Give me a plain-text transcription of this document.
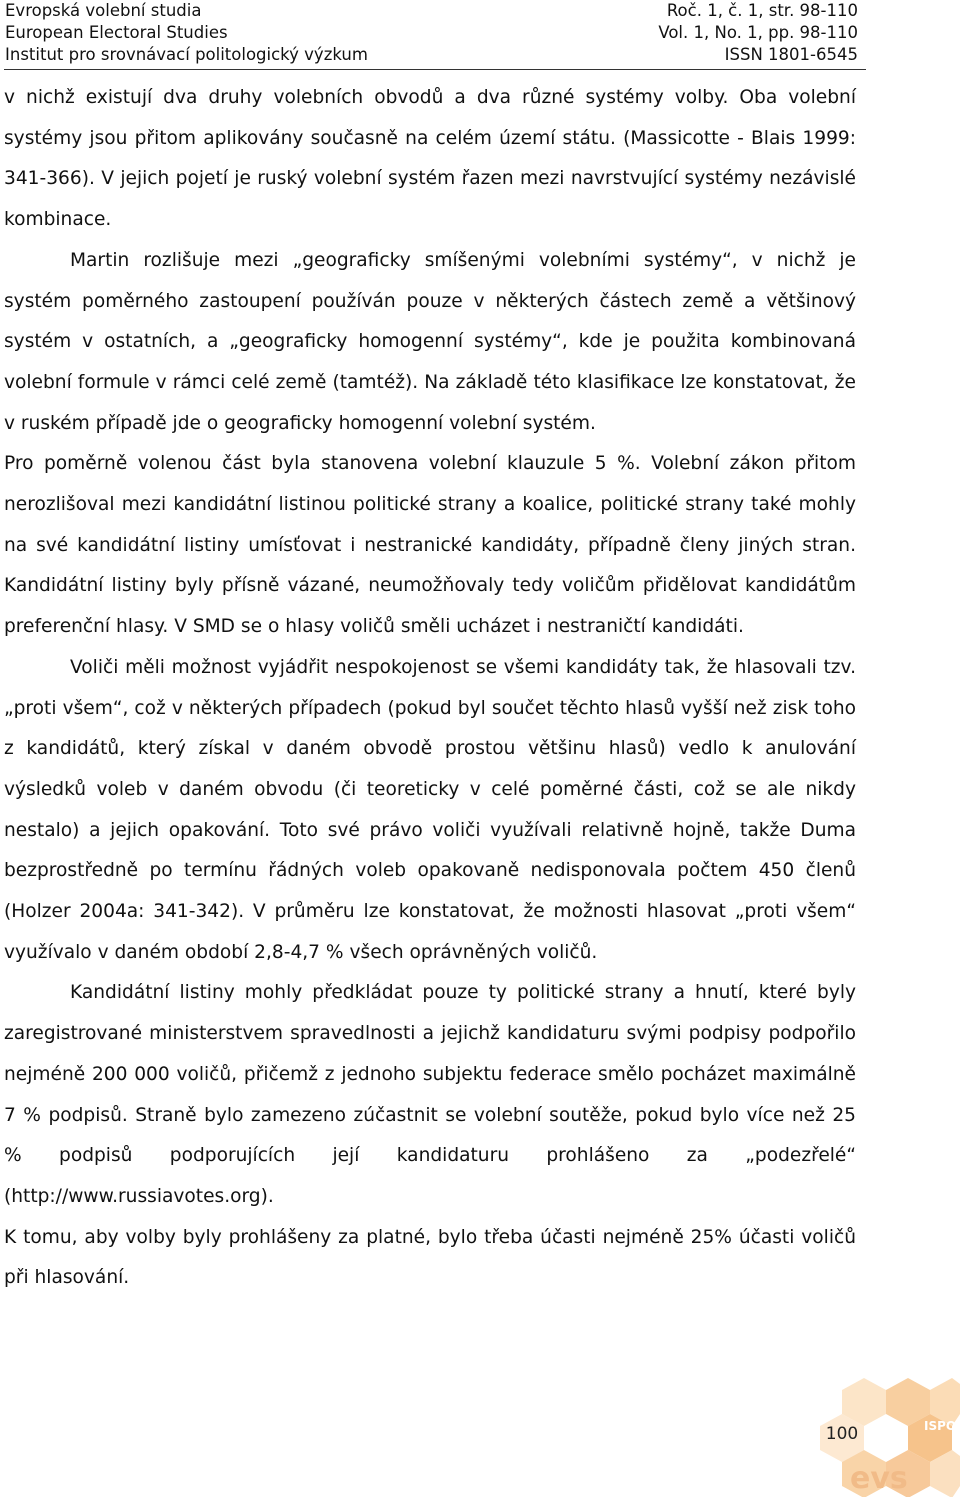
Evropská volební studia	Roč. 1, č. 1, str. 98-110
European Electoral Studies	Vol. 1, No. 1, pp. 98-110
Institut pro srovnávací politologický výzkum	ISSN 1801-6545

v nichž existují dva druhy volebních obvodů a dva různé systémy volby. Oba volební systémy jsou přitom aplikovány současně na celém území státu. (Massicotte - Blais 1999: 341-366). V jejich pojetí je ruský volební systém řazen mezi navrstvující systémy nezávislé kombinace.

Martin rozlišuje mezi „geograficky smíšenými volebními systémy“, v nichž je systém poměrného zastoupení používán pouze v některých částech země a většinový systém v ostatních, a „geograficky homogenní systémy“, kde je použita kombinovaná volební formule v rámci celé země (tamtéž). Na základě této klasifikace lze konstatovat, že v ruském případě jde o geograficky homogenní volební systém.

Pro poměrně volenou část byla stanovena volební klauzule 5 %. Volební zákon přitom nerozlišoval mezi kandidátní listinou politické strany a koalice, politické strany také mohly na své kandidátní listiny umísťovat i nestranické kandidáty, případně členy jiných stran. Kandidátní listiny byly přísně vázané, neumožňovaly tedy voličům přidělovat kandidátům preferenční hlasy. V SMD se o hlasy voličů směli ucházet i nestraničtí kandidáti.

Voliči měli možnost vyjádřit nespokojenost se všemi kandidáty tak, že hlasovali tzv. „proti všem“, což v některých případech (pokud byl součet těchto hlasů vyšší než zisk toho z kandidátů, který získal v daném obvodě prostou většinu hlasů) vedlo k anulování výsledků voleb v daném obvodu (či teoreticky v celé poměrné části, což se ale nikdy nestalo) a jejich opakování. Toto své právo voliči využívali relativně hojně, takže Duma bezprostředně po termínu řádných voleb opakovaně nedisponovala počtem 450 členů (Holzer 2004a: 341-342). V průměru lze konstatovat, že možnosti hlasovat „proti všem“ využívalo v daném období 2,8-4,7 % všech oprávněných voličů.

Kandidátní listiny mohly předkládat pouze ty politické strany a hnutí, které byly zaregistrované ministerstvem spravedlnosti a jejichž kandidaturu svými podpisy podpořilo nejméně 200 000 voličů, přičemž z jednoho subjektu federace smělo pocházet maximálně 7 % podpisů. Straně bylo zamezeno zúčastnit se volební soutěže, pokud bylo více než 25 % podpisů podporujících její kandidaturu prohlášeno za „podezřelé“ (http://www.russiavotes.org).

K tomu, aby volby byly prohlášeny za platné, bylo třeba účasti nejméně 25% účasti voličů při hlasování.

ISPO
evs
100
